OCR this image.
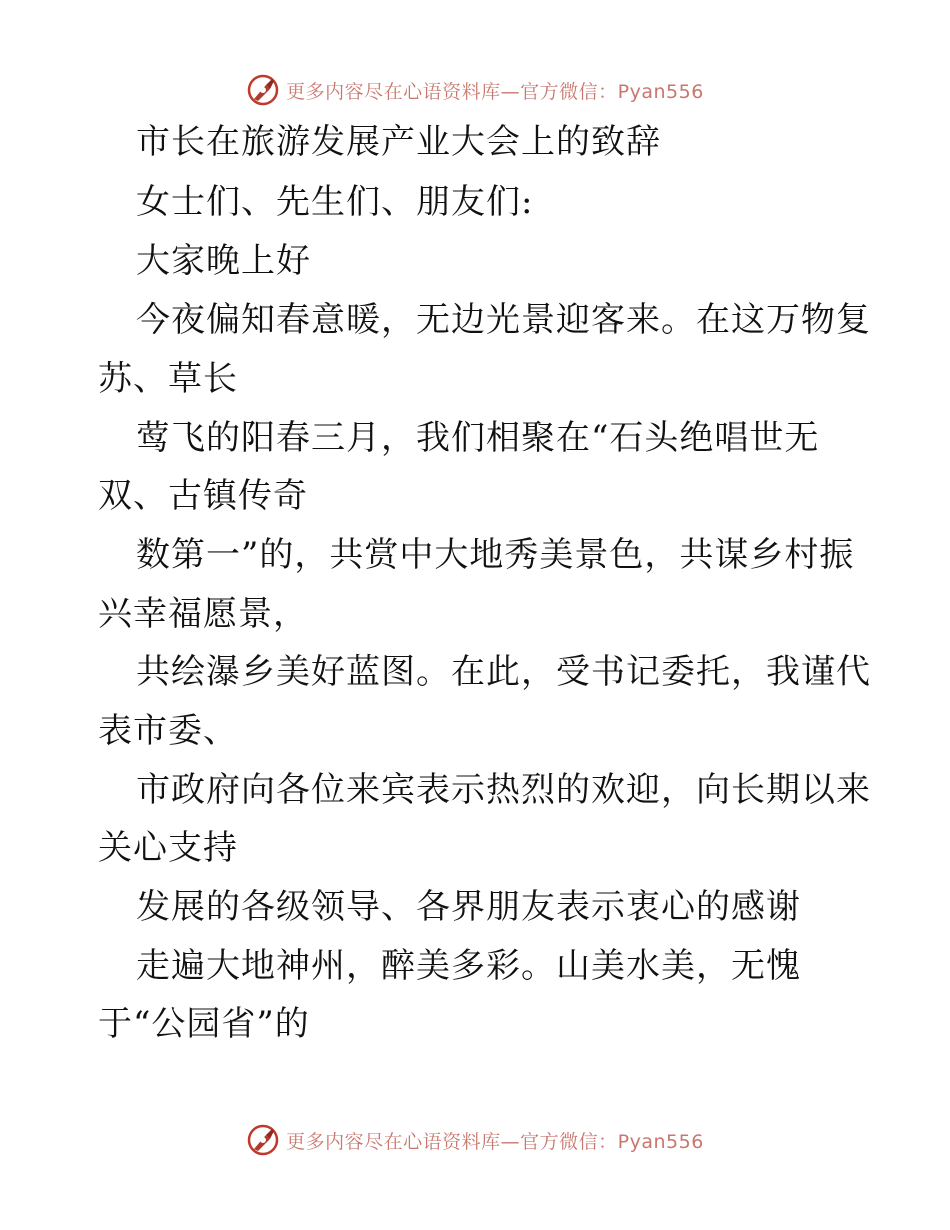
更多内容尽在心语资料库—官方微信：Pyan556
市长在旅游发展产业大会上的致辞
女士们、先生们、朋友们:
大家晚上好
今夜偏知春意暖，无边光景迎客来。在这万物复
苏、草长
莺飞的阳春三月，我们相聚在“石头绝唱世无
双、古镇传奇
数第一”的，共赏中大地秀美景色，共谋乡村振
兴幸福愿景，
共绘瀑乡美好蓝图。在此，受书记委托，我谨代
表市委、
市政府向各位来宾表示热烈的欢迎，向长期以来
关心支持
发展的各级领导、各界朋友表示衷心的感谢
走遍大地神州，醉美多彩。山美水美，无愧
于“公园省”的
更多内容尽在心语资料库—官方微信：Pyan556
